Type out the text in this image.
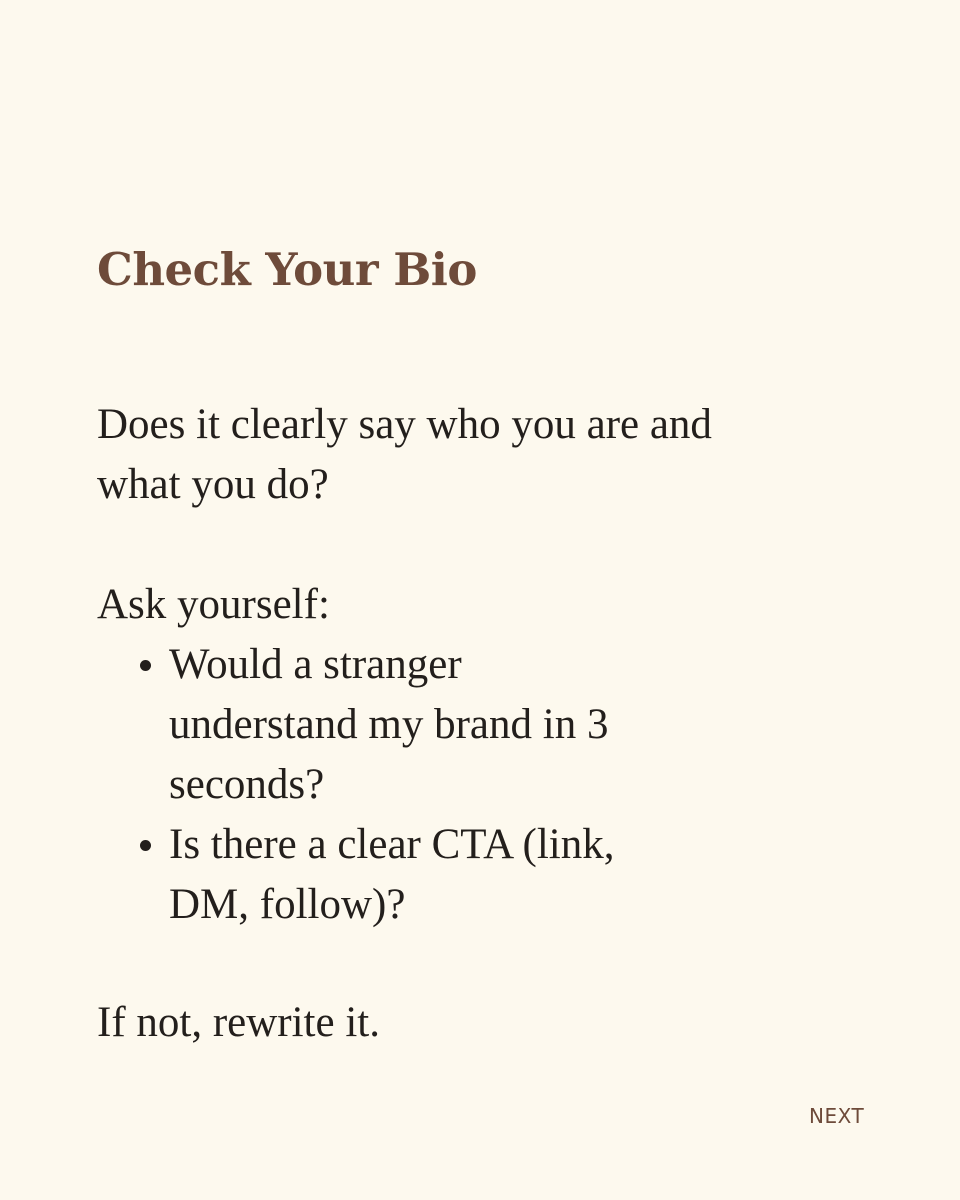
Check Your Bio

Does it clearly say who you are and what you do?

Ask yourself:

Would a stranger understand my brand in 3 seconds?
Is there a clear CTA (link, DM, follow)?

If not, rewrite it.

NEXT
